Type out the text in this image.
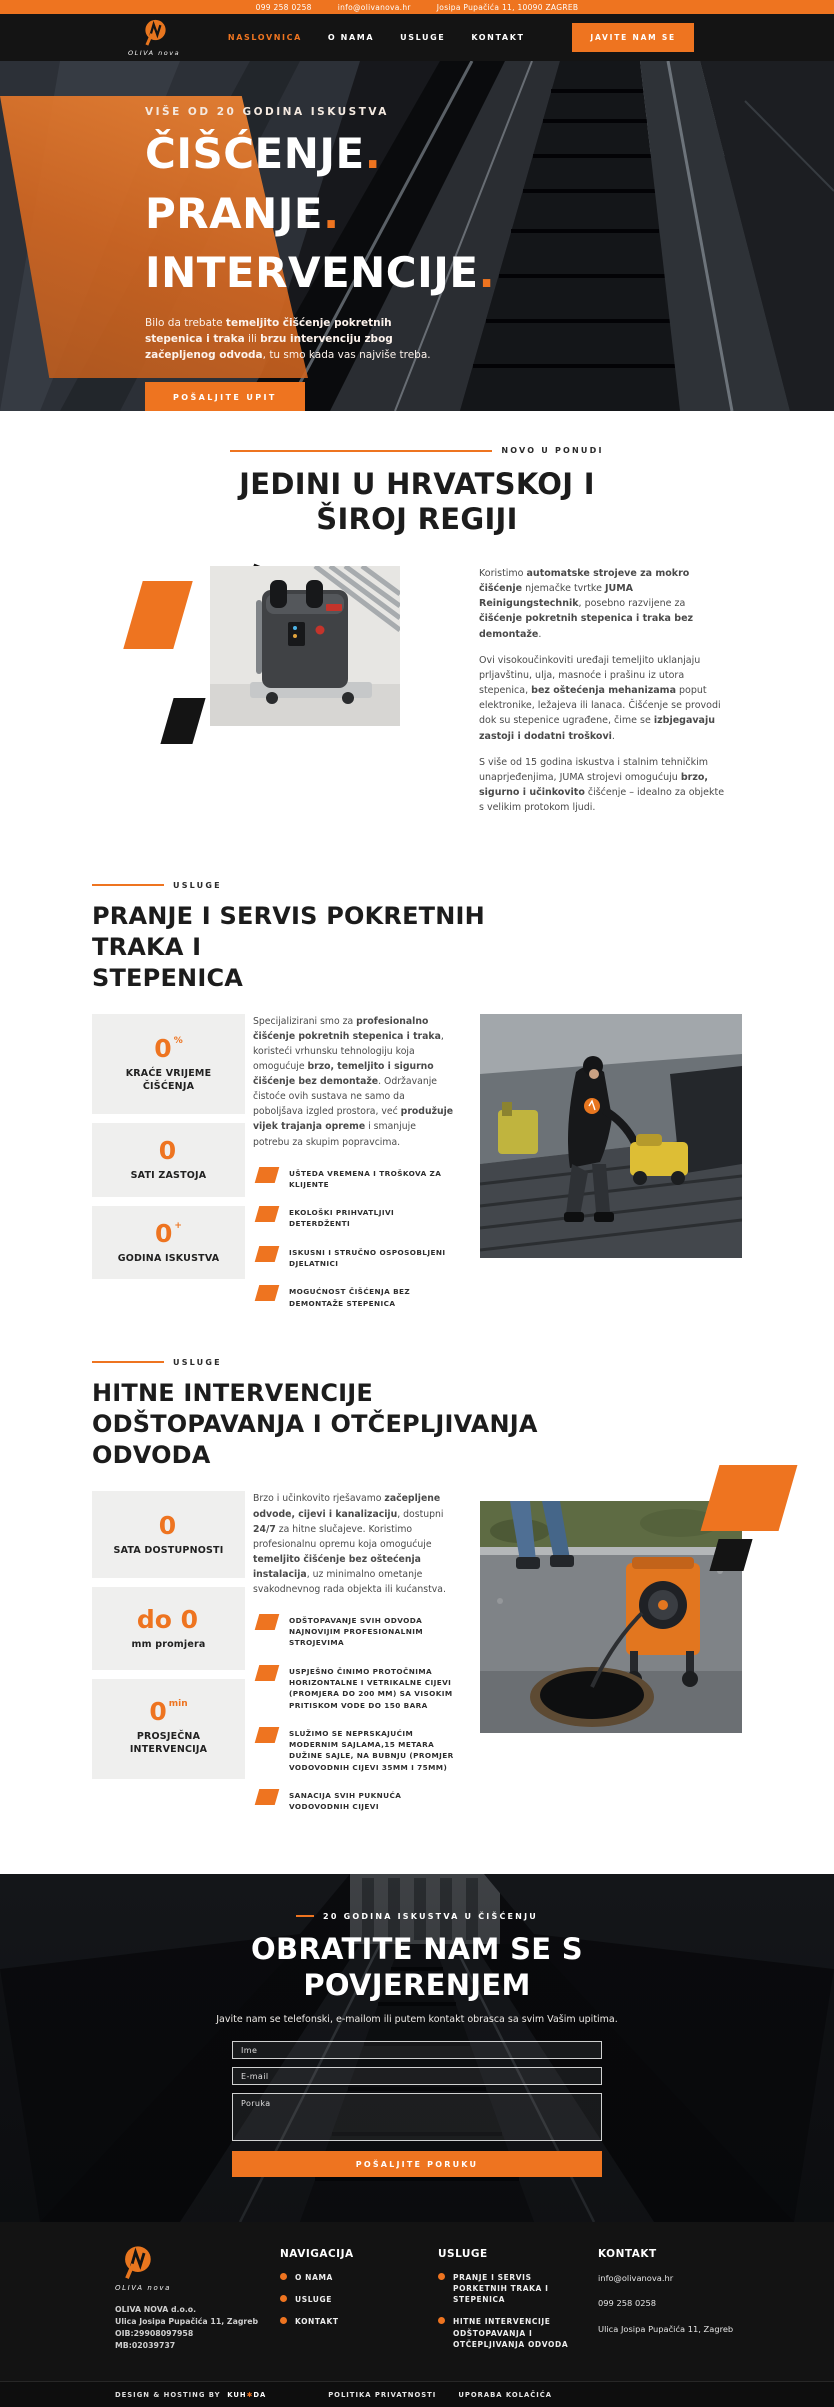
099 258 0258	info@olivanova.hr	Josipa Pupačića 11, 10090 ZAGREB
OLIVA nova
NASLOVNICA	O NAMA	USLUGE	KONTAKT	JAVITE NAM SE
VIŠE OD 20 GODINA ISKUSTVA
ČIŠĆENJE.
PRANJE.
INTERVENCIJE.

Bilo da trebate temeljito čišćenje pokretnih stepenica i traka ili brzu intervenciju zbog začepljenog odvoda, tu smo kada vas najviše treba.

POŠALJITE UPIT
NOVO U PONUDI
JEDINI U HRVATSKOJ I
ŠIROJ REGIJI

Koristimo automatske strojeve za mokro čišćenje njemačke tvrtke JUMA Reinigungstechnik, posebno razvijene za čišćenje pokretnih stepenica i traka bez demontaže.

Ovi visokoučinkoviti uređaji temeljito uklanjaju prljavštinu, ulja, masnoće i prašinu iz utora stepenica, bez oštećenja mehanizama poput elektronike, ležajeva ili lanaca. Čišćenje se provodi dok su stepenice ugrađene, čime se izbjegavaju zastoji i dodatni troškovi.

S više od 15 godina iskustva i stalnim tehničkim unaprjeđenjima, JUMA strojevi omogućuju brzo, sigurno i učinkovito čišćenje – idealno za objekte s velikim protokom ljudi.

USLUGE
PRANJE I SERVIS POKRETNIH TRAKA I
STEPENICA
0 %
KRAĆE VRIJEME ČIŠĆENJA
0
SATI ZASTOJA
0 +
GODINA ISKUSTVA

Specijalizirani smo za profesionalno čišćenje pokretnih stepenica i traka, koristeći vrhunsku tehnologiju koja omogućuje brzo, temeljito i sigurno čišćenje bez demontaže. Održavanje čistoće ovih sustava ne samo da poboljšava izgled prostora, već produžuje vijek trajanja opreme i smanjuje potrebu za skupim popravcima.

UŠTEDA VREMENA I TROŠKOVA ZA KLIJENTE
EKOLOŠKI PRIHVATLJIVI DETERDŽENTI
ISKUSNI I STRUČNO OSPOSOBLJENI DJELATNICI
MOGUĆNOST ČIŠĆENJA BEZ DEMONTAŽE STEPENICA
USLUGE
HITNE INTERVENCIJE
ODŠTOPAVANJA I OTČEPLJIVANJA
ODVODA
0
SATA DOSTUPNOSTI
do 0
mm promjera
0 $^{min}$
PROSJEČNA INTERVENCIJA

Brzo i učinkovito rješavamo začepljene odvode, cijevi i kanalizaciju, dostupni 24/7 za hitne slučajeve. Koristimo profesionalnu opremu koja omogućuje temeljito čišćenje bez oštećenja instalacija, uz minimalno ometanje svakodnevnog rada objekta ili kućanstva.

ODŠTOPAVANJE SVIH ODVODA NAJNOVIJIM PROFESIONALNIM STROJEVIMA
USPJEŠNO ČINIMO PROTOČNIMA HORIZONTALNE I VETRIKALNE CIJEVI (PROMJERA DO 200 MM) SA VISOKIM PRITISKOM VODE DO 150 BARA
SLUŽIMO SE NEPRSKAJUĆIM MODERNIM SAJLAMA,15 METARA DUŽINE SAJLE, NA BUBNJU (PROMJER VODOVODNIH CIJEVI 35MM I 75MM)
SANACIJA SVIH PUKNUĆA VODOVODNIH CIJEVI
20 GODINA ISKUSTVA U ČIŠĆENJU
OBRATITE NAM SE S
POVJERENJEM

Javite nam se telefonski, e-mailom ili putem kontakt obrasca sa svim Vašim upitima.

Ime
E-mail
Poruka
POŠALJITE PORUKU
OLIVA nova
OLIVA NOVA d.o.o.
Ulica Josipa Pupačića 11, Zagreb
OIB:29908097958
MB:02039737
NAVIGACIJA
O NAMA
USLUGE
KONTAKT
USLUGE
PRANJE I SERVIS PORKETNIH TRAKA I STEPENICA
HITNE INTERVENCIJE ODŠTOPAVANJA I OTČEPLJIVANJA ODVODA
KONTAKT
info@olivanova.hr
099 258 0258
Ulica Josipa Pupačića 11, Zagreb
DESIGN & HOSTING BY KUH✱DA	POLITIKA PRIVATNOSTI	UPORABA KOLAČIĆA
